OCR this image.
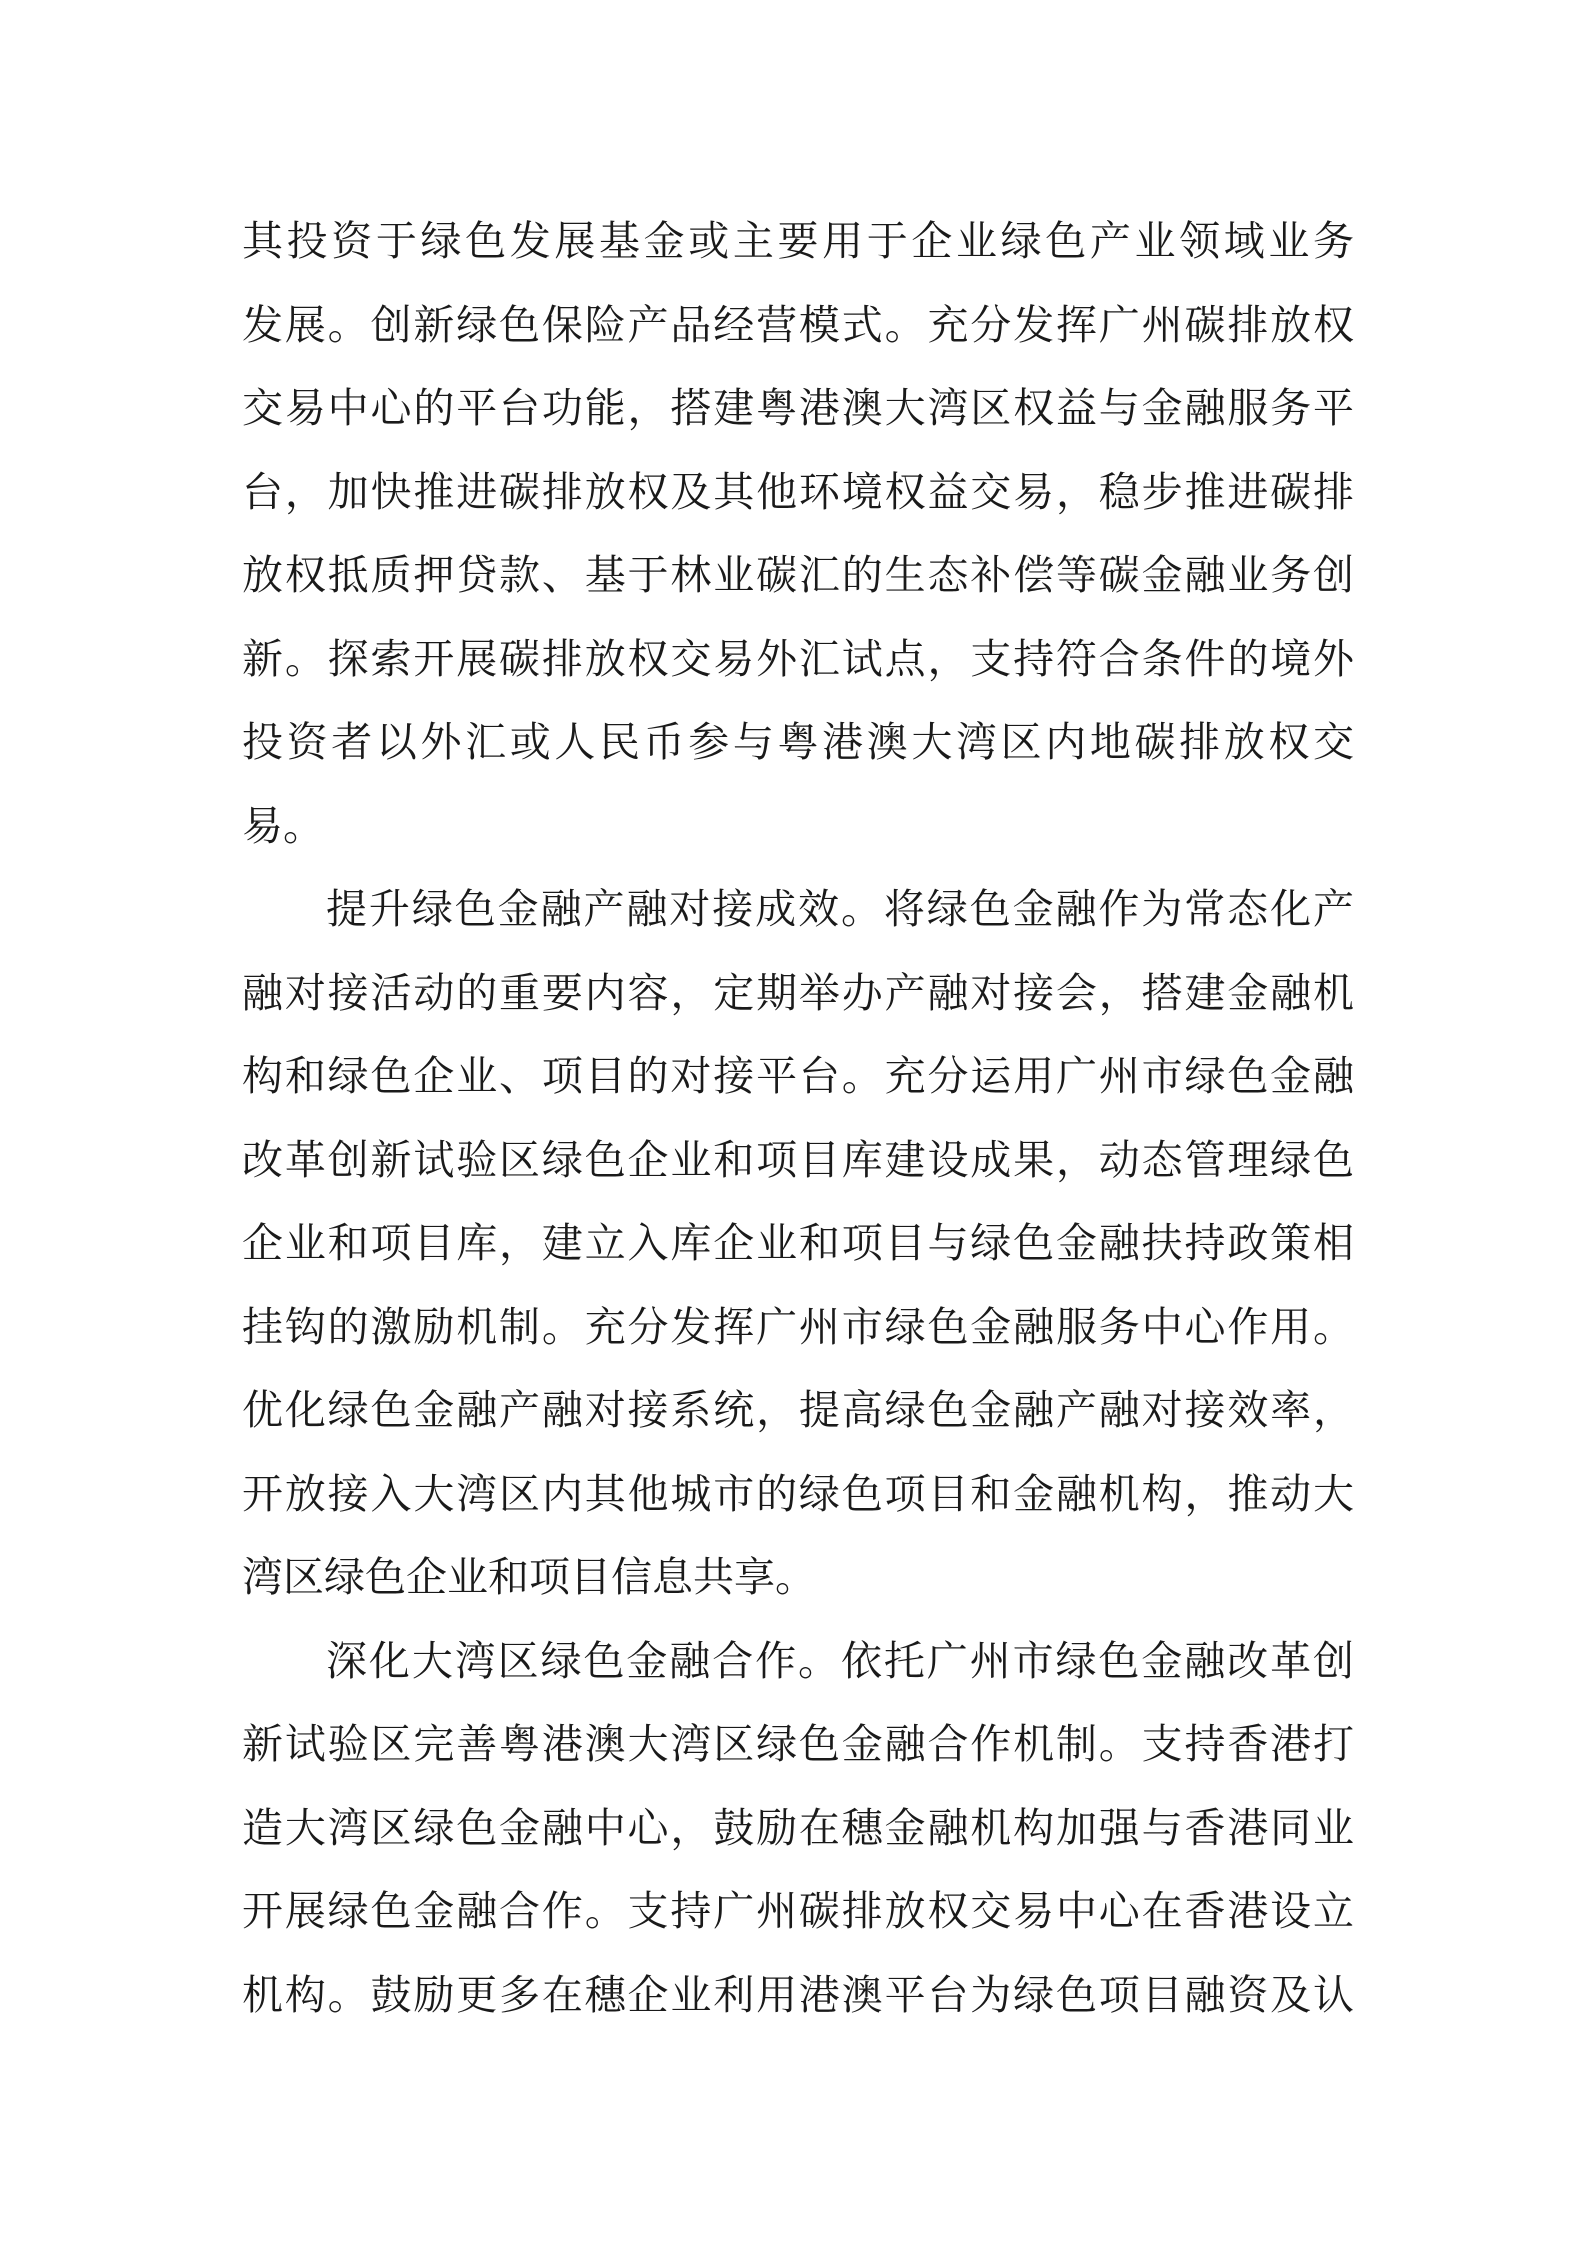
其投资于绿色发展基金或主要用于企业绿色产业领域业务
发展。创新绿色保险产品经营模式。充分发挥广州碳排放权
交易中心的平台功能，搭建粤港澳大湾区权益与金融服务平
台，加快推进碳排放权及其他环境权益交易，稳步推进碳排
放权抵质押贷款、基于林业碳汇的生态补偿等碳金融业务创
新。探索开展碳排放权交易外汇试点，支持符合条件的境外
投资者以外汇或人民币参与粤港澳大湾区内地碳排放权交
易。
提升绿色金融产融对接成效。将绿色金融作为常态化产
融对接活动的重要内容，定期举办产融对接会，搭建金融机
构和绿色企业、项目的对接平台。充分运用广州市绿色金融
改革创新试验区绿色企业和项目库建设成果，动态管理绿色
企业和项目库，建立入库企业和项目与绿色金融扶持政策相
挂钩的激励机制。充分发挥广州市绿色金融服务中心作用。
优化绿色金融产融对接系统，提高绿色金融产融对接效率，
开放接入大湾区内其他城市的绿色项目和金融机构，推动大
湾区绿色企业和项目信息共享。
深化大湾区绿色金融合作。依托广州市绿色金融改革创
新试验区完善粤港澳大湾区绿色金融合作机制。支持香港打
造大湾区绿色金融中心，鼓励在穗金融机构加强与香港同业
开展绿色金融合作。支持广州碳排放权交易中心在香港设立
机构。鼓励更多在穗企业利用港澳平台为绿色项目融资及认
